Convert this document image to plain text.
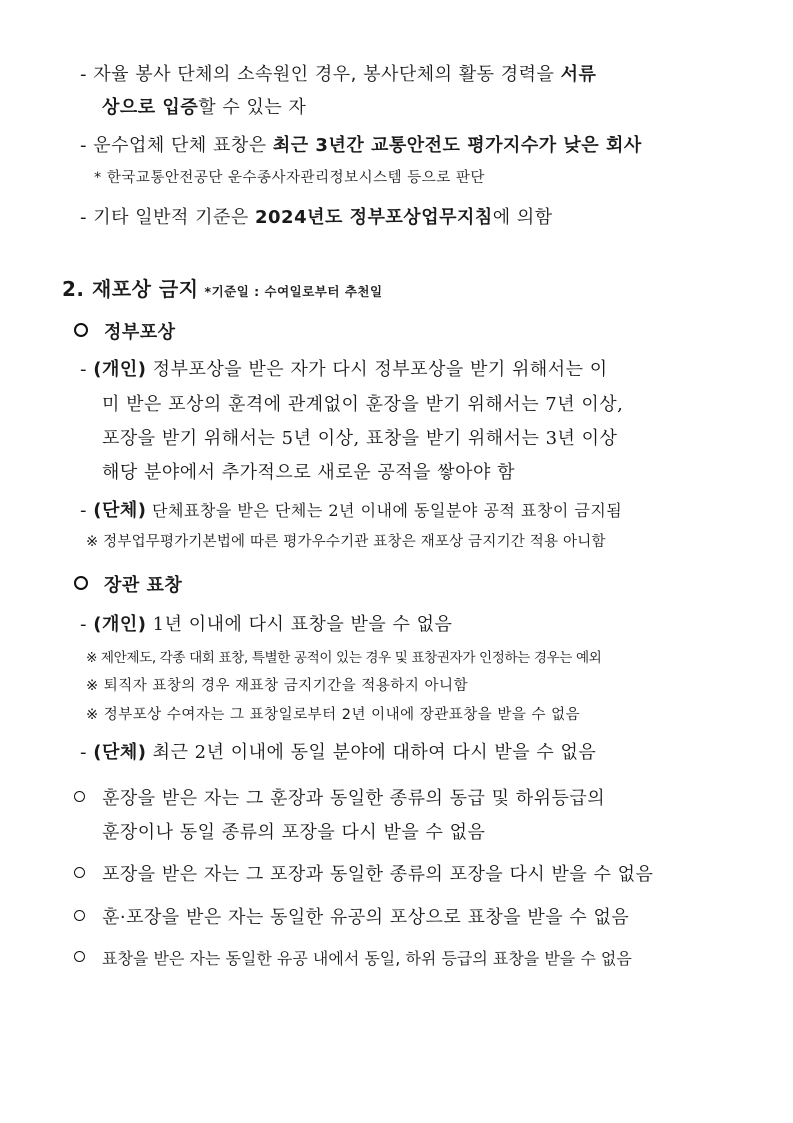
- 자율 봉사 단체의 소속원인 경우, 봉사단체의 활동 경력을 서류
상으로 입증할 수 있는 자
- 운수업체 단체 표창은 최근 3년간 교통안전도 평가지수가 낮은 회사
* 한국교통안전공단 운수종사자관리정보시스템 등으로 판단
- 기타 일반적 기준은 2024년도 정부포상업무지침에 의함
2. 재포상 금지 *기준일 : 수여일로부터 추천일
정부포상
- (개인) 정부포상을 받은 자가 다시 정부포상을 받기 위해서는 이
미 받은 포상의 훈격에 관계없이 훈장을 받기 위해서는 7년 이상,
포장을 받기 위해서는 5년 이상, 표창을 받기 위해서는 3년 이상
해당 분야에서 추가적으로 새로운 공적을 쌓아야 함
- (단체) 단체표창을 받은 단체는 2년 이내에 동일분야 공적 표창이 금지됨
※ 정부업무평가기본법에 따른 평가우수기관 표창은 재포상 금지기간 적용 아니함
장관 표창
- (개인) 1년 이내에 다시 표창을 받을 수 없음
※ 제안제도, 각종 대회 표창, 특별한 공적이 있는 경우 및 표창권자가 인정하는 경우는 예외
※ 퇴직자 표창의 경우 재표창 금지기간을 적용하지 아니함
※ 정부포상 수여자는 그 표창일로부터 2년 이내에 장관표창을 받을 수 없음
- (단체) 최근 2년 이내에 동일 분야에 대하여 다시 받을 수 없음
훈장을 받은 자는 그 훈장과 동일한 종류의 동급 및 하위등급의
훈장이나 동일 종류의 포장을 다시 받을 수 없음
포장을 받은 자는 그 포장과 동일한 종류의 포장을 다시 받을 수 없음
훈·포장을 받은 자는 동일한 유공의 포상으로 표창을 받을 수 없음
표창을 받은 자는 동일한 유공 내에서 동일, 하위 등급의 표창을 받을 수 없음
